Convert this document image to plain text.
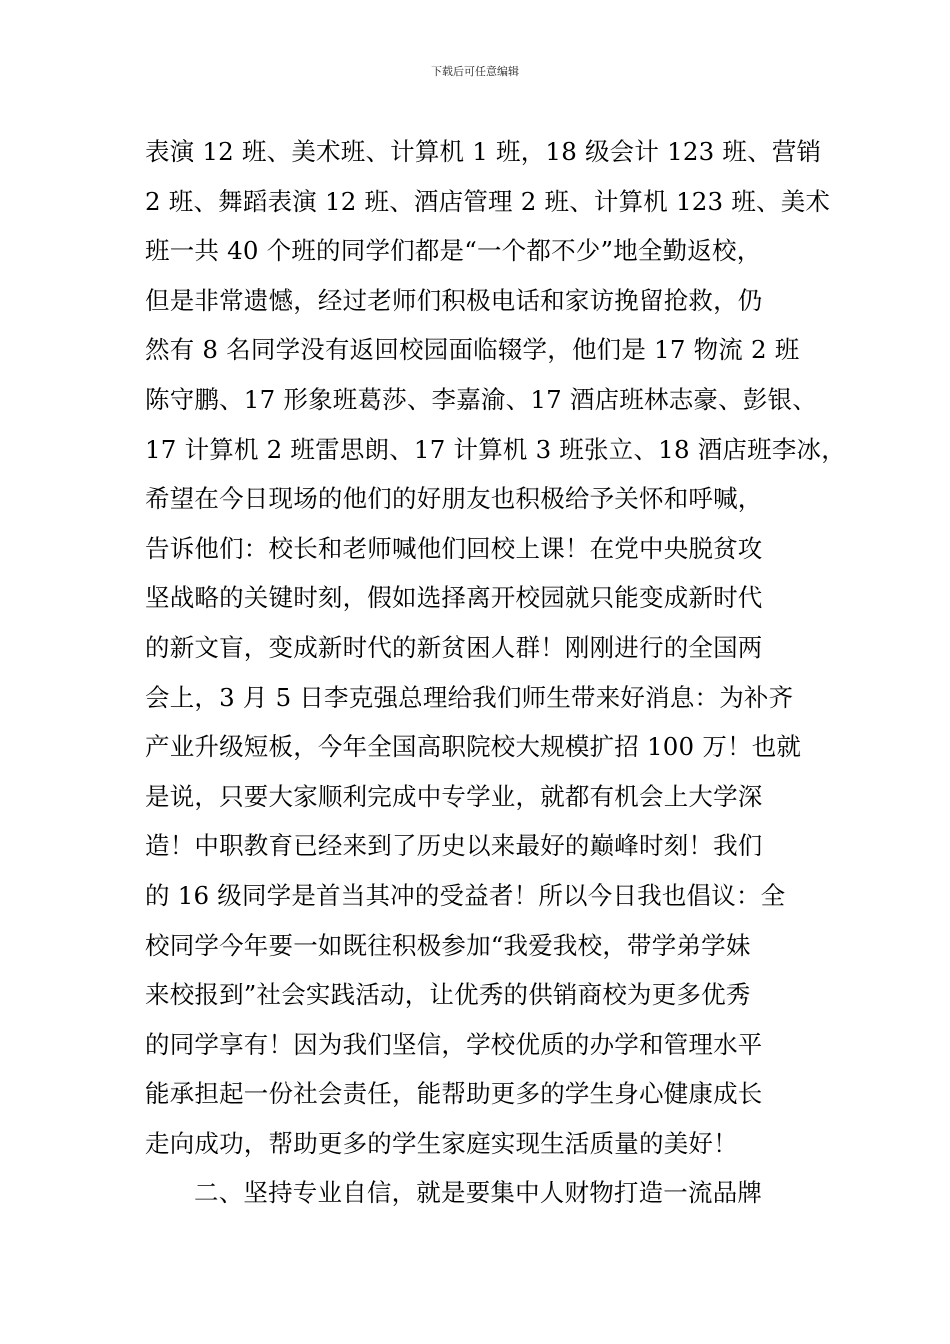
下载后可任意编辑
表演 12 班、美术班、计算机 1 班，18 级会计 123 班、营销
2 班、舞蹈表演 12 班、酒店管理 2 班、计算机 123 班、美术
班一共 40 个班的同学们都是“一个都不少”地全勤返校，
但是非常遗憾，经过老师们积极电话和家访挽留抢救，仍
然有 8 名同学没有返回校园面临辍学，他们是 17 物流 2 班
陈守鹏、17 形象班葛莎、李嘉渝、17 酒店班林志豪、彭银、
17 计算机 2 班雷思朗、17 计算机 3 班张立、18 酒店班李冰，
希望在今日现场的他们的好朋友也积极给予关怀和呼喊，
告诉他们：校长和老师喊他们回校上课！在党中央脱贫攻
坚战略的关键时刻，假如选择离开校园就只能变成新时代
的新文盲，变成新时代的新贫困人群！刚刚进行的全国两
会上，3 月 5 日李克强总理给我们师生带来好消息：为补齐
产业升级短板，今年全国高职院校大规模扩招 100 万！也就
是说，只要大家顺利完成中专学业，就都有机会上大学深
造！中职教育已经来到了历史以来最好的巅峰时刻！我们
的 16 级同学是首当其冲的受益者！所以今日我也倡议：全
校同学今年要一如既往积极参加“我爱我校，带学弟学妹
来校报到”社会实践活动，让优秀的供销商校为更多优秀
的同学享有！因为我们坚信，学校优质的办学和管理水平
能承担起一份社会责任，能帮助更多的学生身心健康成长
走向成功，帮助更多的学生家庭实现生活质量的美好！
二、坚持专业自信，就是要集中人财物打造一流品牌
